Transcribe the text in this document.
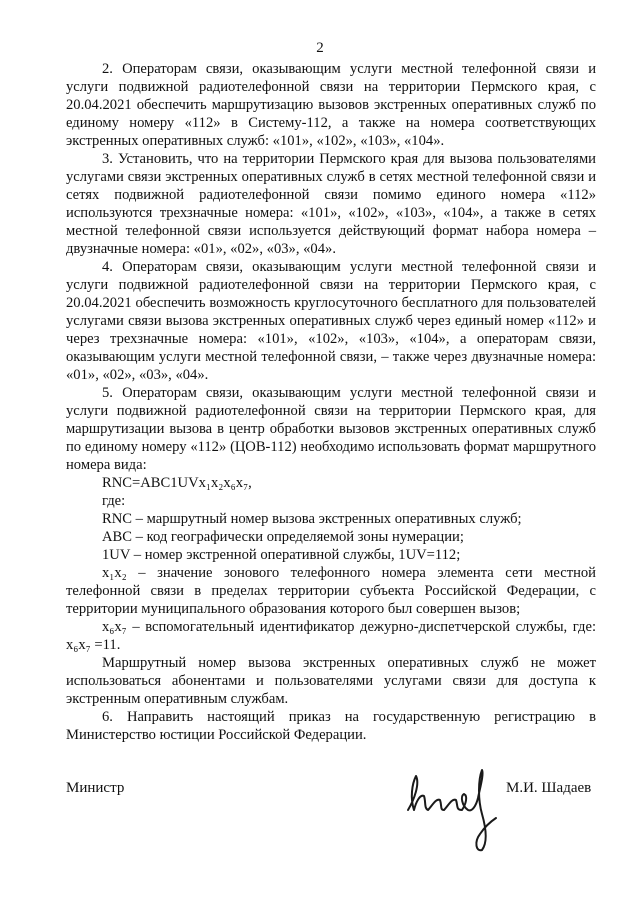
2

2. Операторам связи, оказывающим услуги местной телефонной связи и услуги подвижной радиотелефонной связи на территории Пермского края, с 20.04.2021 обеспечить маршрутизацию вызовов экстренных оперативных служб по единому номеру «112» в Систему-112, а также на номера соответствующих экстренных оперативных служб: «101», «102», «103», «104».

3. Установить, что на территории Пермского края для вызова пользователями услугами связи экстренных оперативных служб в сетях местной телефонной связи и сетях подвижной радиотелефонной связи помимо единого номера «112» используются трехзначные номера: «101», «102», «103», «104», а также в сетях местной телефонной связи используется действующий формат набора номера – двузначные номера: «01», «02», «03», «04».

4. Операторам связи, оказывающим услуги местной телефонной связи и услуги подвижной радиотелефонной связи на территории Пермского края, с 20.04.2021 обеспечить возможность круглосуточного бесплатного для пользователей услугами связи вызова экстренных оперативных служб через единый номер «112» и через трехзначные номера: «101», «102», «103», «104», а операторам связи, оказывающим услуги местной телефонной связи, – также через двузначные номера: «01», «02», «03», «04».

5. Операторам связи, оказывающим услуги местной телефонной связи и услуги подвижной радиотелефонной связи на территории Пермского края, для маршрутизации вызова в центр обработки вызовов экстренных оперативных служб по единому номеру «112» (ЦОВ-112) необходимо использовать формат маршрутного номера вида:

RNC=ABC1UVx₁x₂x₆x₇,

где:

RNC – маршрутный номер вызова экстренных оперативных служб;

ABC – код географически определяемой зоны нумерации;

1UV – номер экстренной оперативной службы, 1UV=112;

x₁x₂ – значение зонового телефонного номера элемента сети местной телефонной связи в пределах территории субъекта Российской Федерации, с территории муниципального образования которого был совершен вызов;

x₆x₇ – вспомогательный идентификатор дежурно-диспетчерской службы, где: x₆x₇ =11.

Маршрутный номер вызова экстренных оперативных служб не может использоваться абонентами и пользователями услугами связи для доступа к экстренным оперативным службам.

6. Направить настоящий приказ на государственную регистрацию в Министерство юстиции Российской Федерации.

Министр	М.И. Шадаев
